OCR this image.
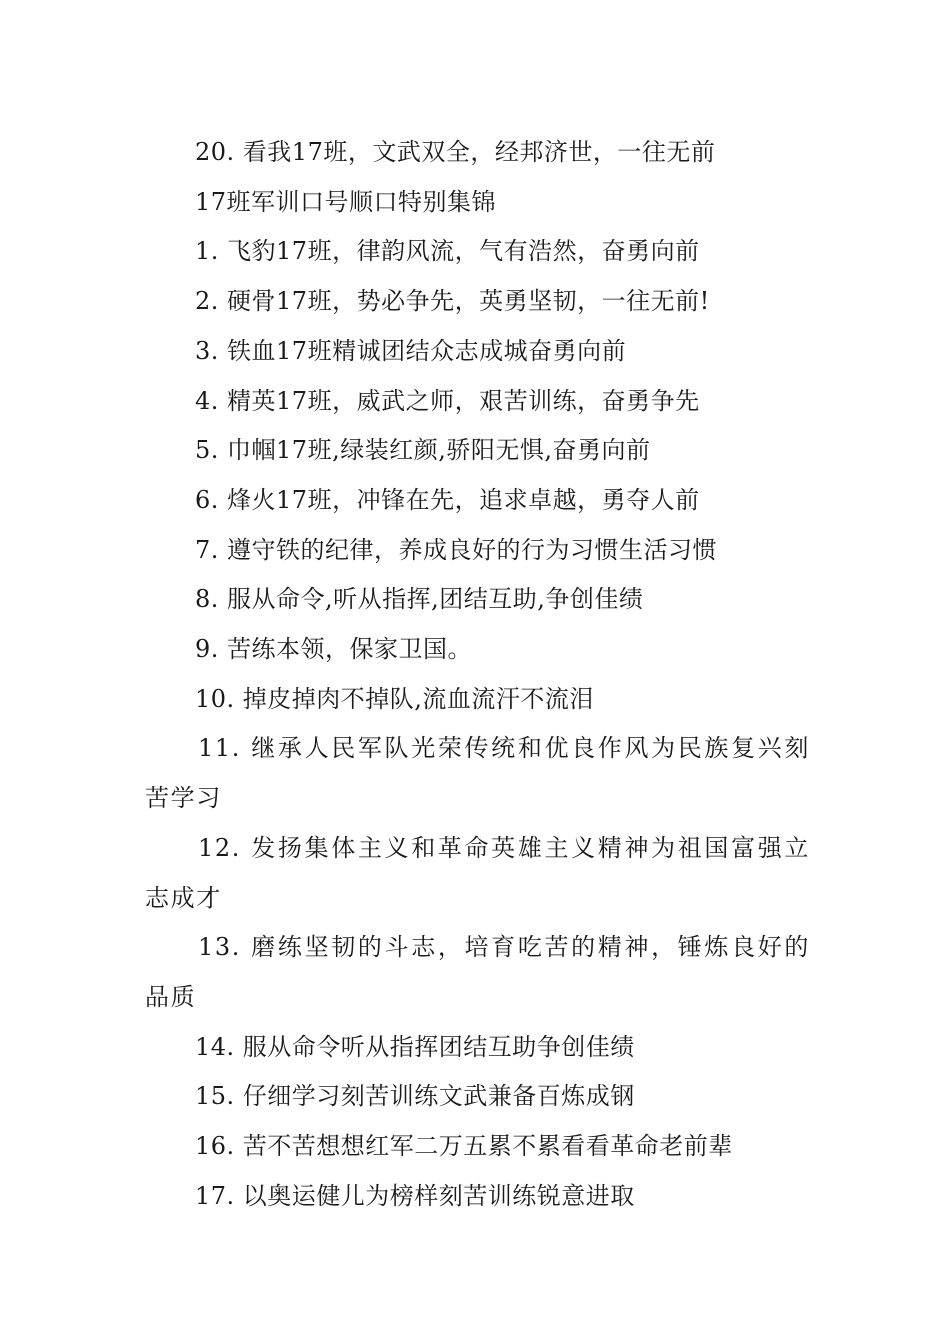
20. 看我17班，文武双全，经邦济世，一往无前

17班军训口号顺口特别集锦

1. 飞豹17班，律韵风流，气有浩然，奋勇向前

2. 硬骨17班，势必争先，英勇坚韧，一往无前!

3. 铁血17班精诚团结众志成城奋勇向前

4. 精英17班，威武之师，艰苦训练，奋勇争先

5. 巾帼17班,绿装红颜,骄阳无惧,奋勇向前

6. 烽火17班，冲锋在先，追求卓越，勇夺人前

7. 遵守铁的纪律，养成良好的行为习惯生活习惯

8. 服从命令,听从指挥,团结互助,争创佳绩

9. 苦练本领，保家卫国。

10. 掉皮掉肉不掉队,流血流汗不流泪

11. 继承人民军队光荣传统和优良作风为民族复兴刻苦学习

12. 发扬集体主义和革命英雄主义精神为祖国富强立志成才

13. 磨练坚韧的斗志，培育吃苦的精神，锤炼良好的品质

14. 服从命令听从指挥团结互助争创佳绩

15. 仔细学习刻苦训练文武兼备百炼成钢

16. 苦不苦想想红军二万五累不累看看革命老前辈

17. 以奥运健儿为榜样刻苦训练锐意进取
